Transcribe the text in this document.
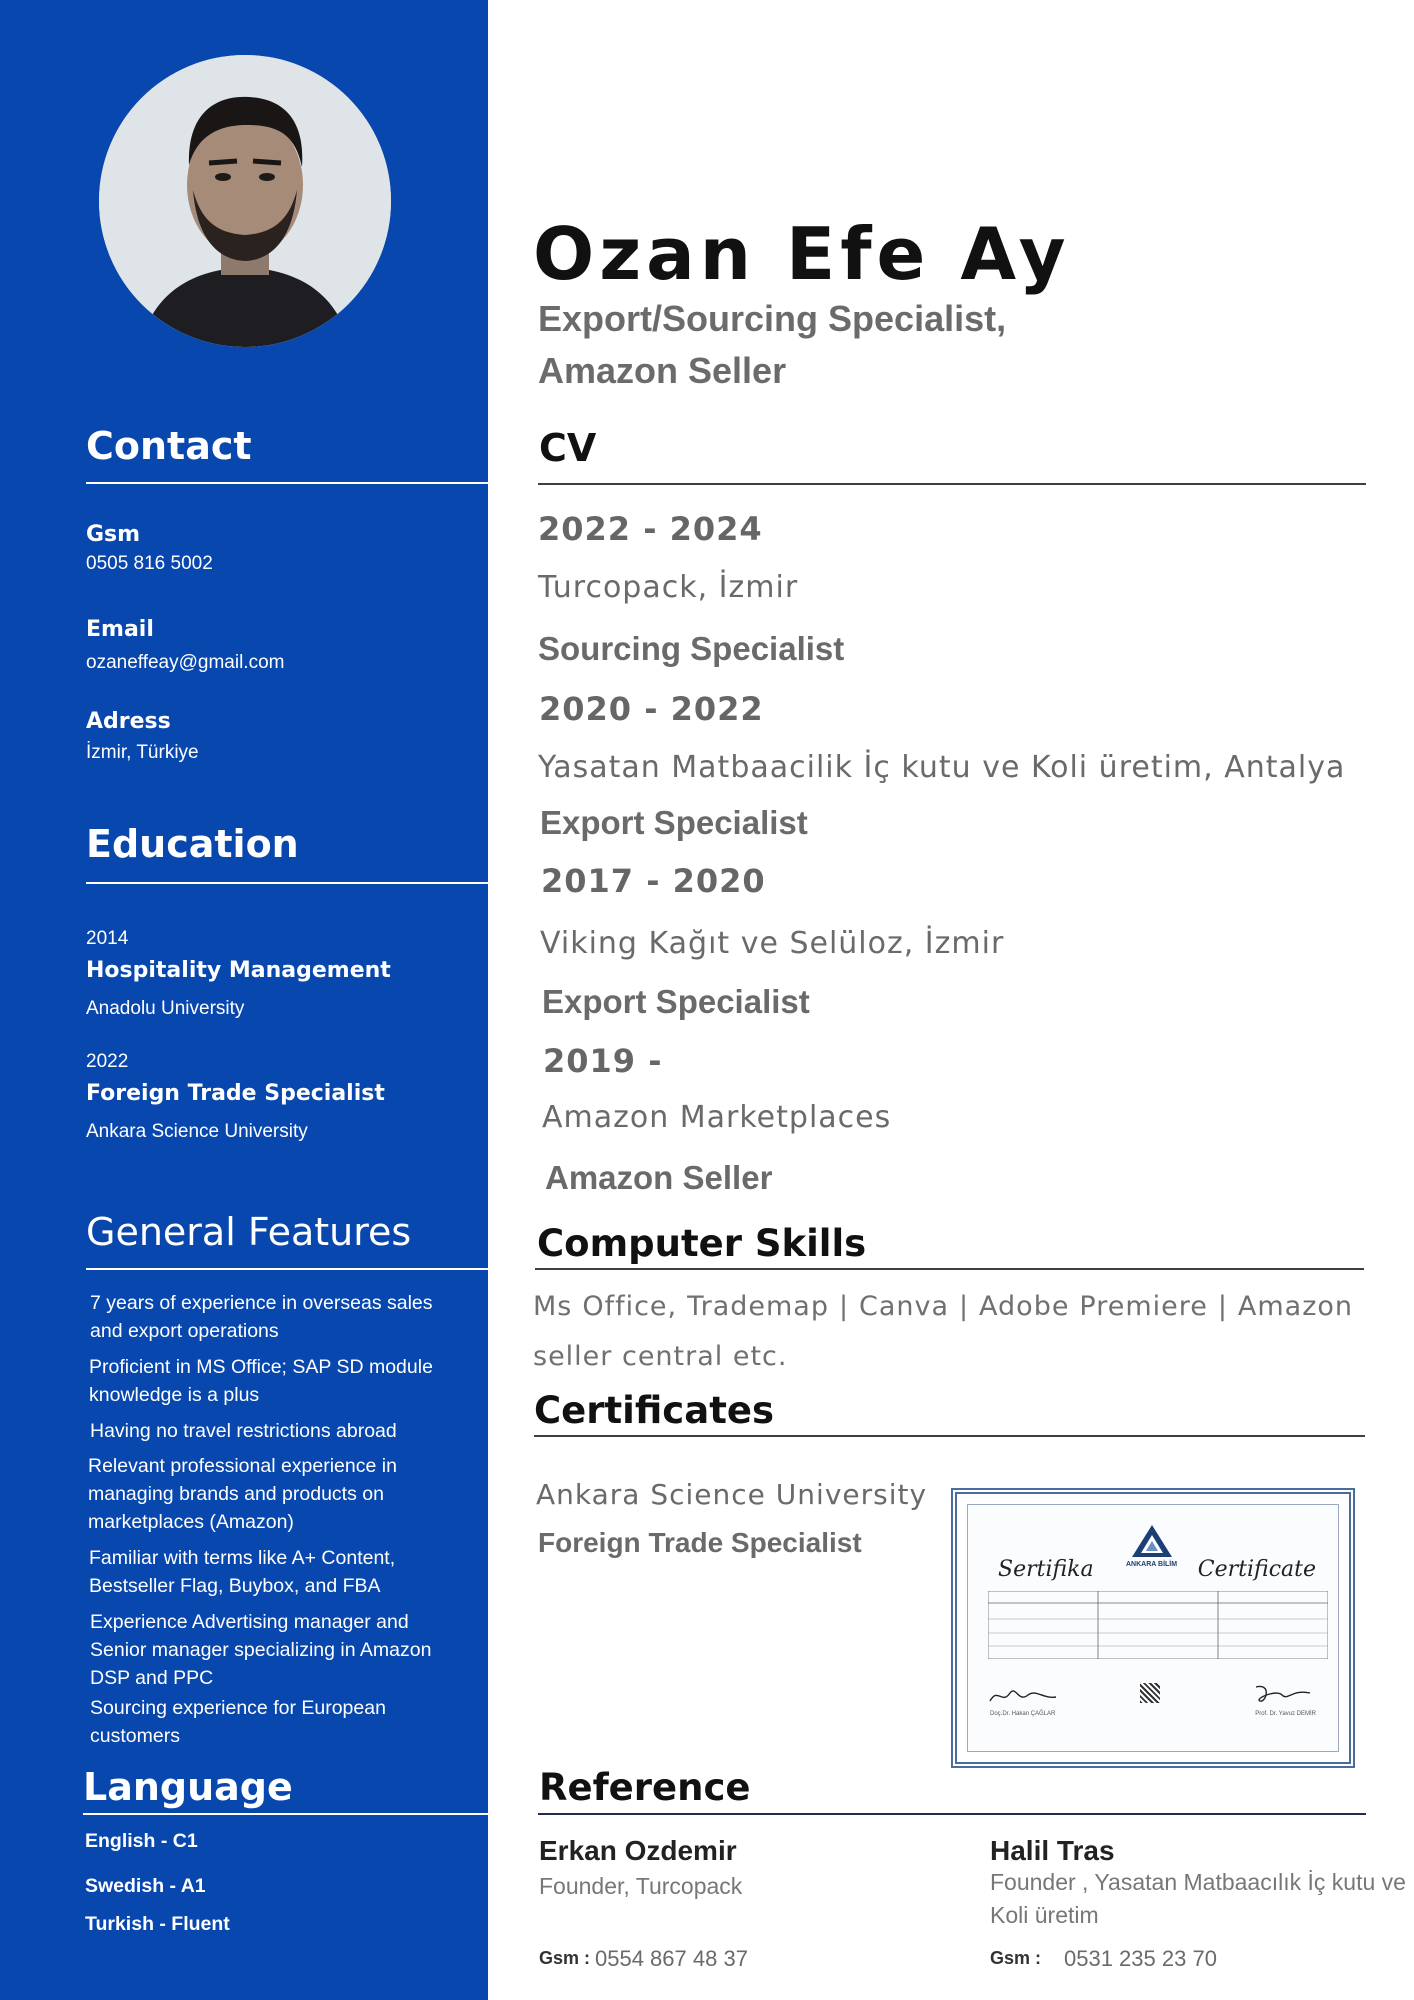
Contact
Gsm
0505 816 5002
Email
ozaneffeay@gmail.com
Adress
İzmir, Türkiye
Education
2014
Hospitality Management
Anadolu University
2022
Foreign Trade Specialist
Ankara Science University
General Features
7 years of experience in overseas sales and export operations
Proficient in MS Office; SAP SD module knowledge is a plus
Having no travel restrictions abroad
Relevant professional experience in managing brands and products on marketplaces (Amazon)
Familiar with terms like A+ Content, Bestseller Flag, Buybox, and FBA
Experience Advertising manager and Senior manager specializing in Amazon DSP and PPC
Sourcing experience for European customers
Language
English - C1
Swedish - A1
Turkish - Fluent
Ozan Efe Ay
Export/Sourcing Specialist,
Amazon Seller
CV
2022 - 2024
Turcopack, İzmir
Sourcing Specialist
2020 - 2022
Yasatan Matbaacilik İç kutu ve Koli üretim, Antalya
Export Specialist
2017 - 2020
Viking Kağıt ve Selüloz, İzmir
Export Specialist
2019 -
Amazon Marketplaces
Amazon Seller
Computer Skills
Ms Office, Trademap | Canva | Adobe Premiere | Amazon seller central etc.
Certificates
Ankara Science University
Foreign Trade Specialist
Sertifika	Certificate
ANKARA BİLİM
Doç.Dr. Hakan ÇAĞLAR	Prof. Dr. Yavuz DEMİR
Reference
Erkan Ozdemir
Founder, Turcopack
Gsm : 0554 867 48 37
Halil Tras
Founder , Yasatan Matbaacılık İç kutu ve Koli üretim
Gsm : 0531 235 23 70
